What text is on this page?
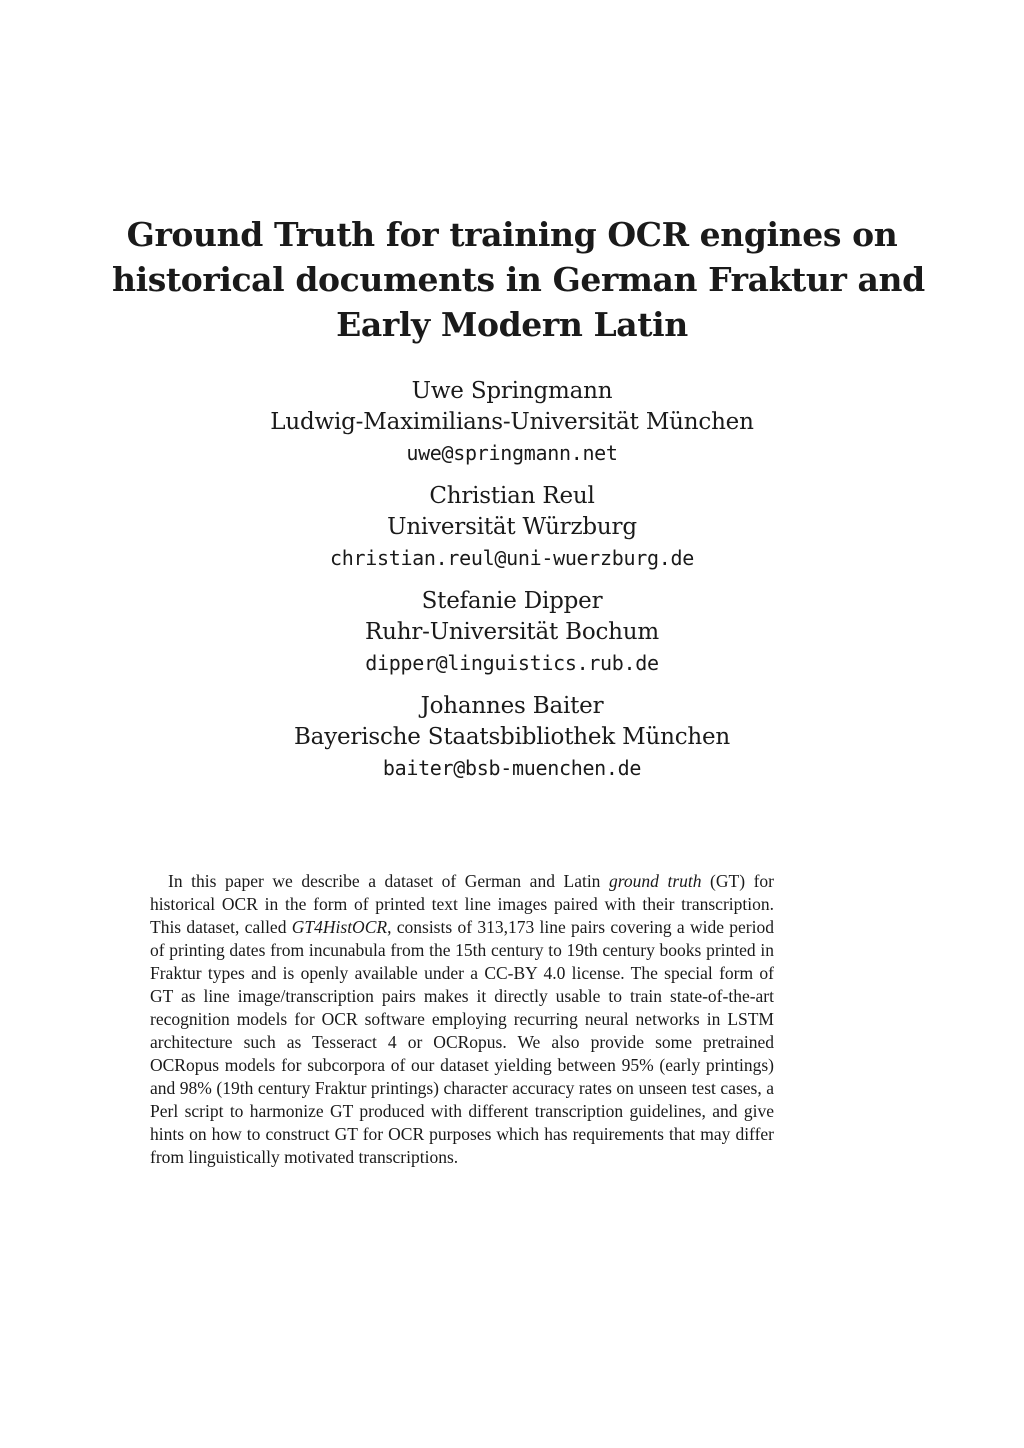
Ground Truth for training OCR engines on
historical documents in German Fraktur and
Early Modern Latin
Uwe Springmann
Ludwig-Maximilians-Universität München
uwe@springmann.net
Christian Reul
Universität Würzburg
christian.reul@uni-wuerzburg.de
Stefanie Dipper
Ruhr-Universität Bochum
dipper@linguistics.rub.de
Johannes Baiter
Bayerische Staatsbibliothek München
baiter@bsb-muenchen.de

In this paper we describe a dataset of German and Latin ground truth (GT) for historical OCR in the form of printed text line images paired with their transcription. This dataset, called GT4HistOCR, consists of 313,173 line pairs covering a wide period of printing dates from incunabula from the 15th century to 19th century books printed in Fraktur types and is openly available under a CC-BY 4.0 license. The special form of GT as line image/transcription pairs makes it directly usable to train state-of-the-art recognition models for OCR software employing recurring neural networks in LSTM architecture such as Tesseract 4 or OCRopus. We also provide some pretrained OCRopus models for subcorpora of our dataset yielding between 95% (early printings) and 98% (19th century Fraktur printings) character accuracy rates on unseen test cases, a Perl script to harmonize GT produced with different transcription guidelines, and give hints on how to construct GT for OCR purposes which has requirements that may differ from linguistically motivated transcriptions.
